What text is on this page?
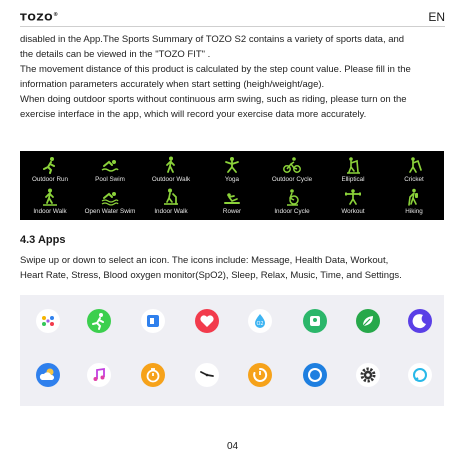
TOZO®	EN
disabled in the App.The Sports Summary of TOZO S2 contains a variety of sports data, and
the details can be viewed in the "TOZO FIT" .
The movement distance of this product is calculated by the step count value. Please fill in the
information parameters accurately when start setting (heigh/weight/age).
When doing outdoor sports without continuous arm swing, such as riding, please turn on the
exercise interface in the app, which will record your exercise data more accurately.
Outdoor Run	Pool Swim	Outdoor Walk	Yoga	Outdoor Cycle	Elliptical	Cricket
Indoor Walk	Open Water Swim	Indoor Walk	Rower	Indoor Cycle	Workout	Hiking
4.3 Apps
Swipe up or down to select an icon. The icons include: Message, Health Data, Workout,
Heart Rate, Stress, Blood oxygen monitor(SpO2), Sleep, Relax, Music, Time, and Settings.
O2
04
